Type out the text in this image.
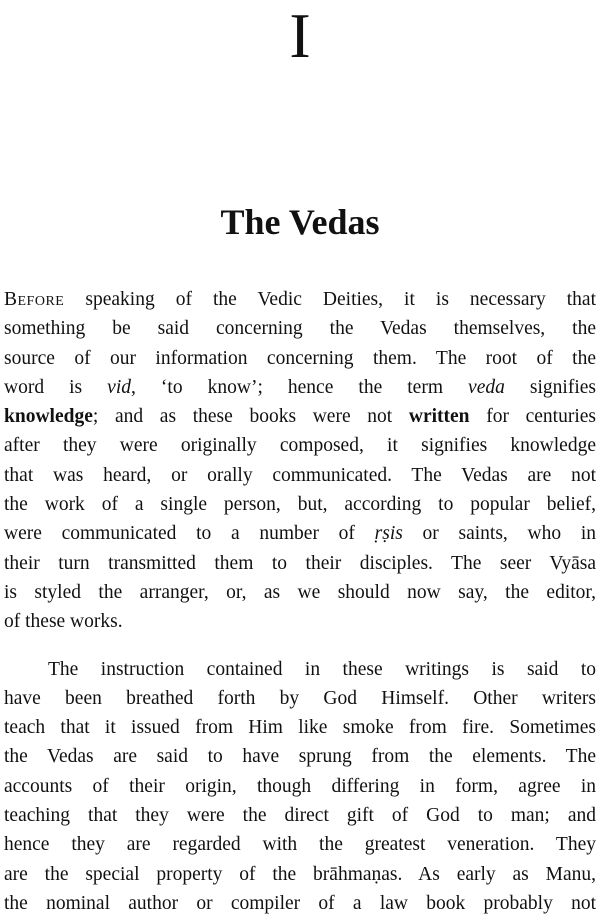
I
The Vedas
Before speaking of the Vedic Deities, it is necessary that
something be said concerning the Vedas themselves, the
source of our information concerning them. The root of the
word is vid, ‘to know’; hence the term veda signifies
knowledge; and as these books were not written for centuries
after they were originally composed, it signifies knowledge
that was heard, or orally communicated. The Vedas are not
the work of a single person, but, according to popular belief,
were communicated to a number of ṛṣis or saints, who in
their turn transmitted them to their disciples. The seer Vyāsa
is styled the arranger, or, as we should now say, the editor,
of these works.
The instruction contained in these writings is said to
have been breathed forth by God Himself. Other writers
teach that it issued from Him like smoke from fire. Sometimes
the Vedas are said to have sprung from the elements. The
accounts of their origin, though differing in form, agree in
teaching that they were the direct gift of God to man; and
hence they are regarded with the greatest veneration. They
are the special property of the brāhmaṇas. As early as Manu,
the nominal author or compiler of a law book probably not
